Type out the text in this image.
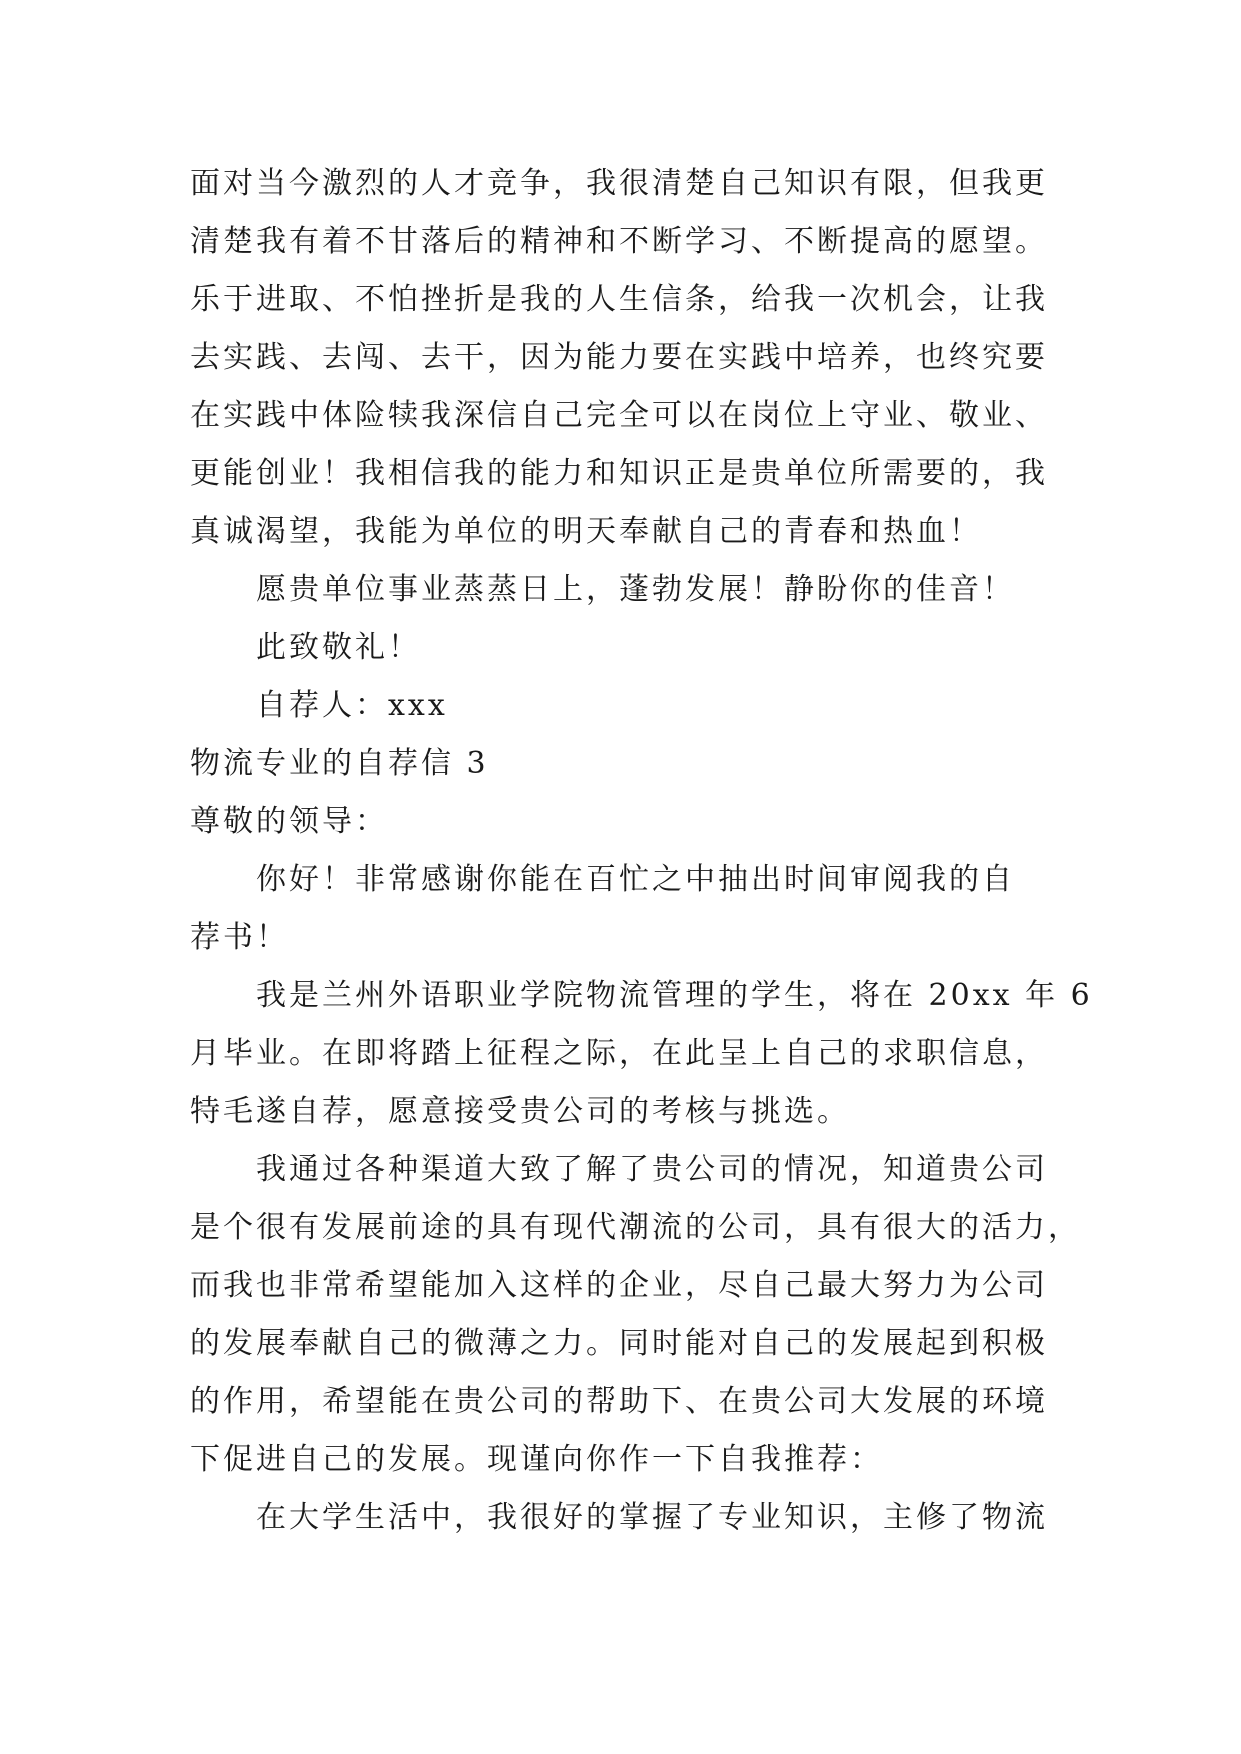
面对当今激烈的人才竞争，我很清楚自己知识有限，但我更
清楚我有着不甘落后的精神和不断学习、不断提高的愿望。
乐于进取、不怕挫折是我的人生信条，给我一次机会，让我
去实践、去闯、去干，因为能力要在实践中培养，也终究要
在实践中体险犊我深信自己完全可以在岗位上守业、敬业、
更能创业！我相信我的能力和知识正是贵单位所需要的，我
真诚渴望，我能为单位的明天奉献自己的青春和热血！
愿贵单位事业蒸蒸日上，蓬勃发展！静盼你的佳音！
此致敬礼！
自荐人：xxx
物流专业的自荐信 3
尊敬的领导：
你好！非常感谢你能在百忙之中抽出时间审阅我的自
荐书！
我是兰州外语职业学院物流管理的学生，将在 20xx 年 6
月毕业。在即将踏上征程之际，在此呈上自己的求职信息，
特毛遂自荐，愿意接受贵公司的考核与挑选。
我通过各种渠道大致了解了贵公司的情况，知道贵公司
是个很有发展前途的具有现代潮流的公司，具有很大的活力，
而我也非常希望能加入这样的企业，尽自己最大努力为公司
的发展奉献自己的微薄之力。同时能对自己的发展起到积极
的作用，希望能在贵公司的帮助下、在贵公司大发展的环境
下促进自己的发展。现谨向你作一下自我推荐：
在大学生活中，我很好的掌握了专业知识，主修了物流
